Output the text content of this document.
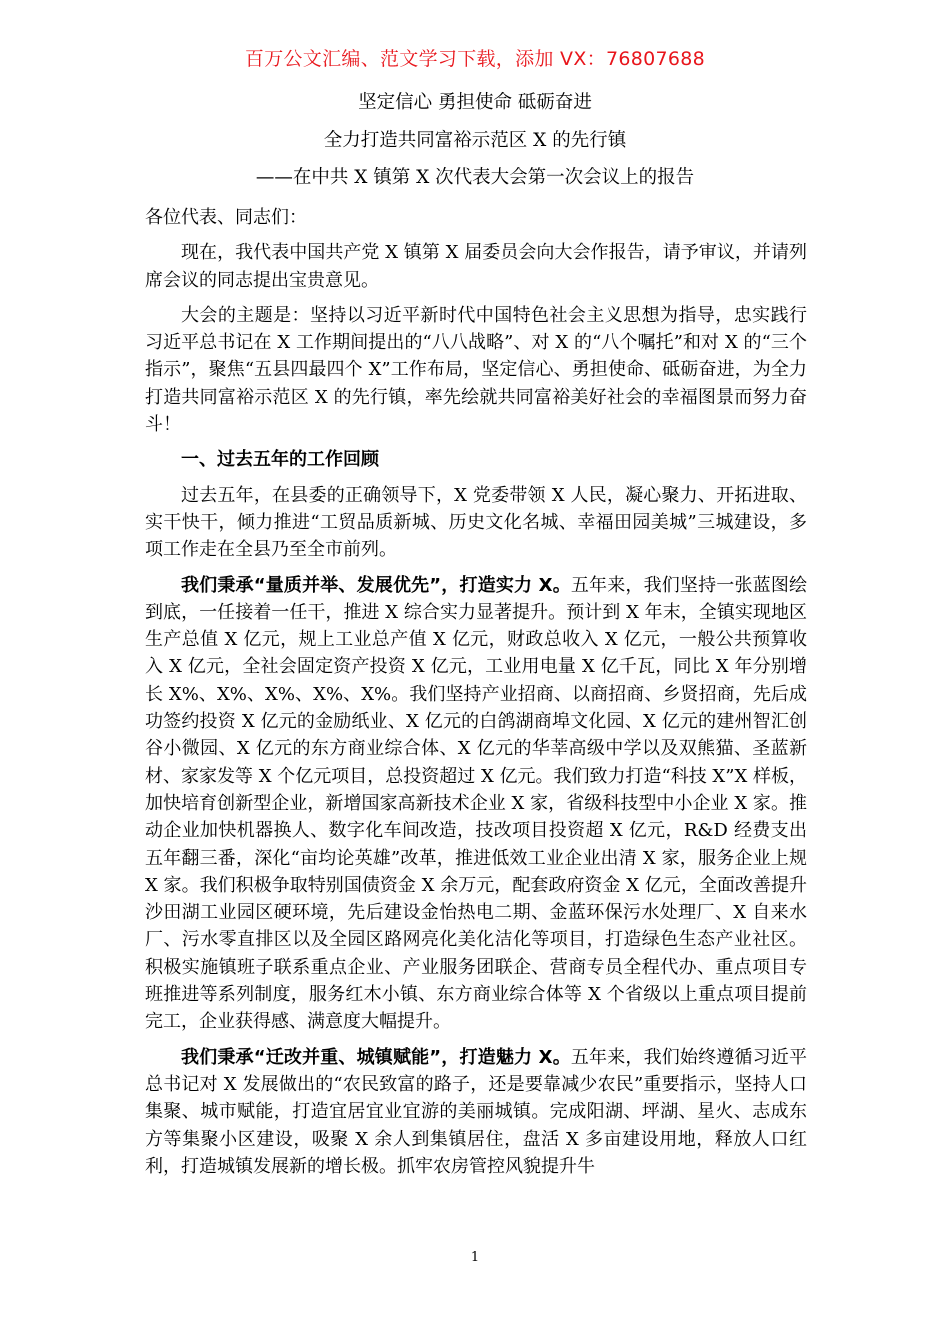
百万公文汇编、范文学习下载，添加 VX：76807688
坚定信心 勇担使命 砥砺奋进
全力打造共同富裕示范区 X 的先行镇
——在中共 X 镇第 X 次代表大会第一次会议上的报告

各位代表、同志们：

现在，我代表中国共产党 X 镇第 X 届委员会向大会作报告，请予审议，并请列席会议的同志提出宝贵意见。

大会的主题是：坚持以习近平新时代中国特色社会主义思想为指导，忠实践行习近平总书记在 X 工作期间提出的“八八战略”、对 X 的“八个嘱托”和对 X 的“三个指示”，聚焦“五县四最四个 X”工作布局，坚定信心、勇担使命、砥砺奋进，为全力打造共同富裕示范区 X 的先行镇，率先绘就共同富裕美好社会的幸福图景而努力奋斗！

一、过去五年的工作回顾

过去五年，在县委的正确领导下，X 党委带领 X 人民，凝心聚力、开拓进取、实干快干，倾力推进“工贸品质新城、历史文化名城、幸福田园美城”三城建设，多项工作走在全县乃至全市前列。

我们秉承“量质并举、发展优先”，打造实力 X。五年来，我们坚持一张蓝图绘到底，一任接着一任干，推进 X 综合实力显著提升。预计到 X 年末，全镇实现地区生产总值 X 亿元，规上工业总产值 X 亿元，财政总收入 X 亿元，一般公共预算收入 X 亿元，全社会固定资产投资 X 亿元，工业用电量 X 亿千瓦，同比 X 年分别增长 X%、X%、X%、X%、X%。我们坚持产业招商、以商招商、乡贤招商，先后成功签约投资 X 亿元的金励纸业、X 亿元的白鸽湖商埠文化园、X 亿元的建州智汇创谷小微园、X 亿元的东方商业综合体、X 亿元的华莘高级中学以及双熊猫、圣蓝新材、家家发等 X 个亿元项目，总投资超过 X 亿元。我们致力打造“科技 X”X 样板，加快培育创新型企业，新增国家高新技术企业 X 家，省级科技型中小企业 X 家。推动企业加快机器换人、数字化车间改造，技改项目投资超 X 亿元，R&D 经费支出五年翻三番，深化“亩均论英雄”改革，推进低效工业企业出清 X 家，服务企业上规 X 家。我们积极争取特别国债资金 X 余万元，配套政府资金 X 亿元，全面改善提升沙田湖工业园区硬环境，先后建设金怡热电二期、金蓝环保污水处理厂、X 自来水厂、污水零直排区以及全园区路网亮化美化洁化等项目，打造绿色生态产业社区。积极实施镇班子联系重点企业、产业服务团联企、营商专员全程代办、重点项目专班推进等系列制度，服务红木小镇、东方商业综合体等 X 个省级以上重点项目提前完工，企业获得感、满意度大幅提升。

我们秉承“迁改并重、城镇赋能”，打造魅力 X。五年来，我们始终遵循习近平总书记对 X 发展做出的“农民致富的路子，还是要靠减少农民”重要指示，坚持人口集聚、城市赋能，打造宜居宜业宜游的美丽城镇。完成阳湖、坪湖、星火、志成东方等集聚小区建设，吸聚 X 余人到集镇居住，盘活 X 多亩建设用地，释放人口红利，打造城镇发展新的增长极。抓牢农房管控风貌提升牛

1
